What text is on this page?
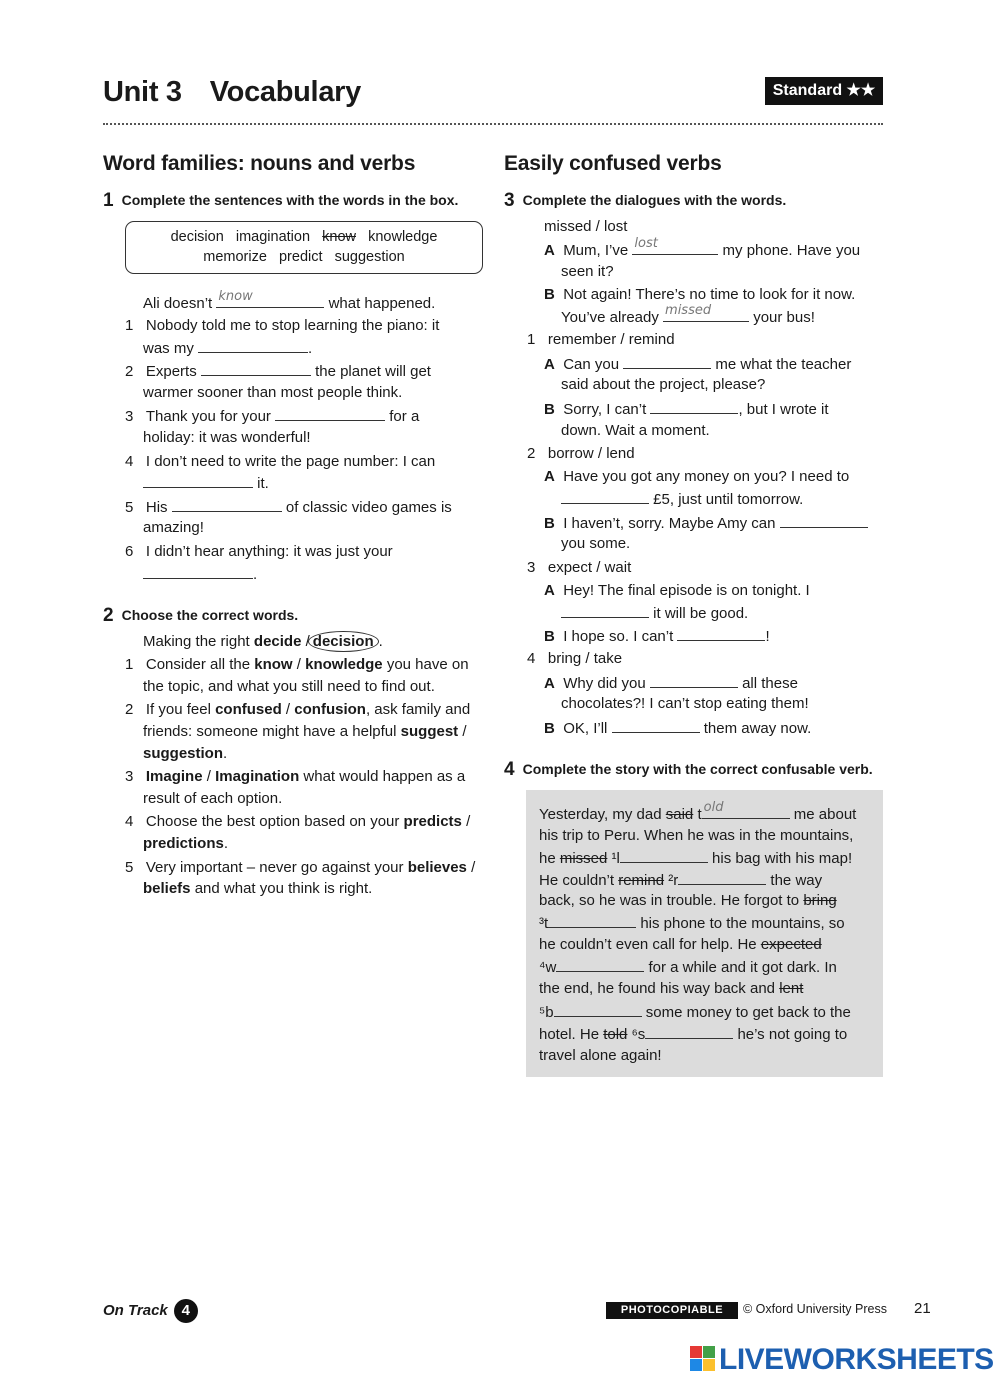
Unit 3 Vocabulary	Standard ★★
Word families: nouns and verbs
1 Complete the sentences with the words in the box.
decision imagination know knowledge
memorize predict suggestion
Ali doesn’t know	what happened.
1   Nobody told me to stop learning the piano: it
was my	.
2   Experts	the planet will get
warmer sooner than most people think.
3   Thank you for your	for a
holiday: it was wonderful!
4   I don’t need to write the page number: I can
it.
5   His	of classic video games is
amazing!
6   I didn’t hear anything: it was just your
.
2 Choose the correct words.
Making the right decide / decision .
1   Consider all the know / knowledge you have on
the topic, and what you still need to find out.
2   If you feel confused / confusion, ask family and
friends: someone might have a helpful suggest /
suggestion.
3   Imagine / Imagination what would happen as a
result of each option.
4   Choose the best option based on your predicts /
predictions.
5   Very important – never go against your believes /
beliefs and what you think is right.
Easily confused verbs
3 Complete the dialogues with the words.
missed / lost
A Mum, I’ve lost	my phone. Have you
seen it?
B Not again! There’s no time to look for it now.
You’ve already missed	your bus!
1   remember / remind
A Can you	me what the teacher
said about the project, please?
B Sorry, I can’t	, but I wrote it
down. Wait a moment.
2   borrow / lend
A Have you got any money on you? I need to
£5, just until tomorrow.
B I haven’t, sorry. Maybe Amy can
you some.
3   expect / wait
A Hey! The final episode is on tonight. I
it will be good.
B I hope so. I can’t	!
4   bring / take
A Why did you	all these
chocolates?! I can’t stop eating them!
B OK, I’ll	them away now.
4 Complete the story with the correct confusable verb.
Yesterday, my dad said t old	me about
his trip to Peru. When he was in the mountains,
he missed ¹l	his bag with his map!
He couldn’t remind ²r	the way
back, so he was in trouble. He forgot to bring
³t	his phone to the mountains, so
he couldn’t even call for help. He expected
⁴w	for a while and it got dark. In
the end, he found his way back and lent
⁵b	some money to get back to the
hotel. He told ⁶s	he’s not going to
travel alone again!
On Track 4	PHOTOCOPIABLE	© Oxford University Press 21
LIVEWORKSHEETS
